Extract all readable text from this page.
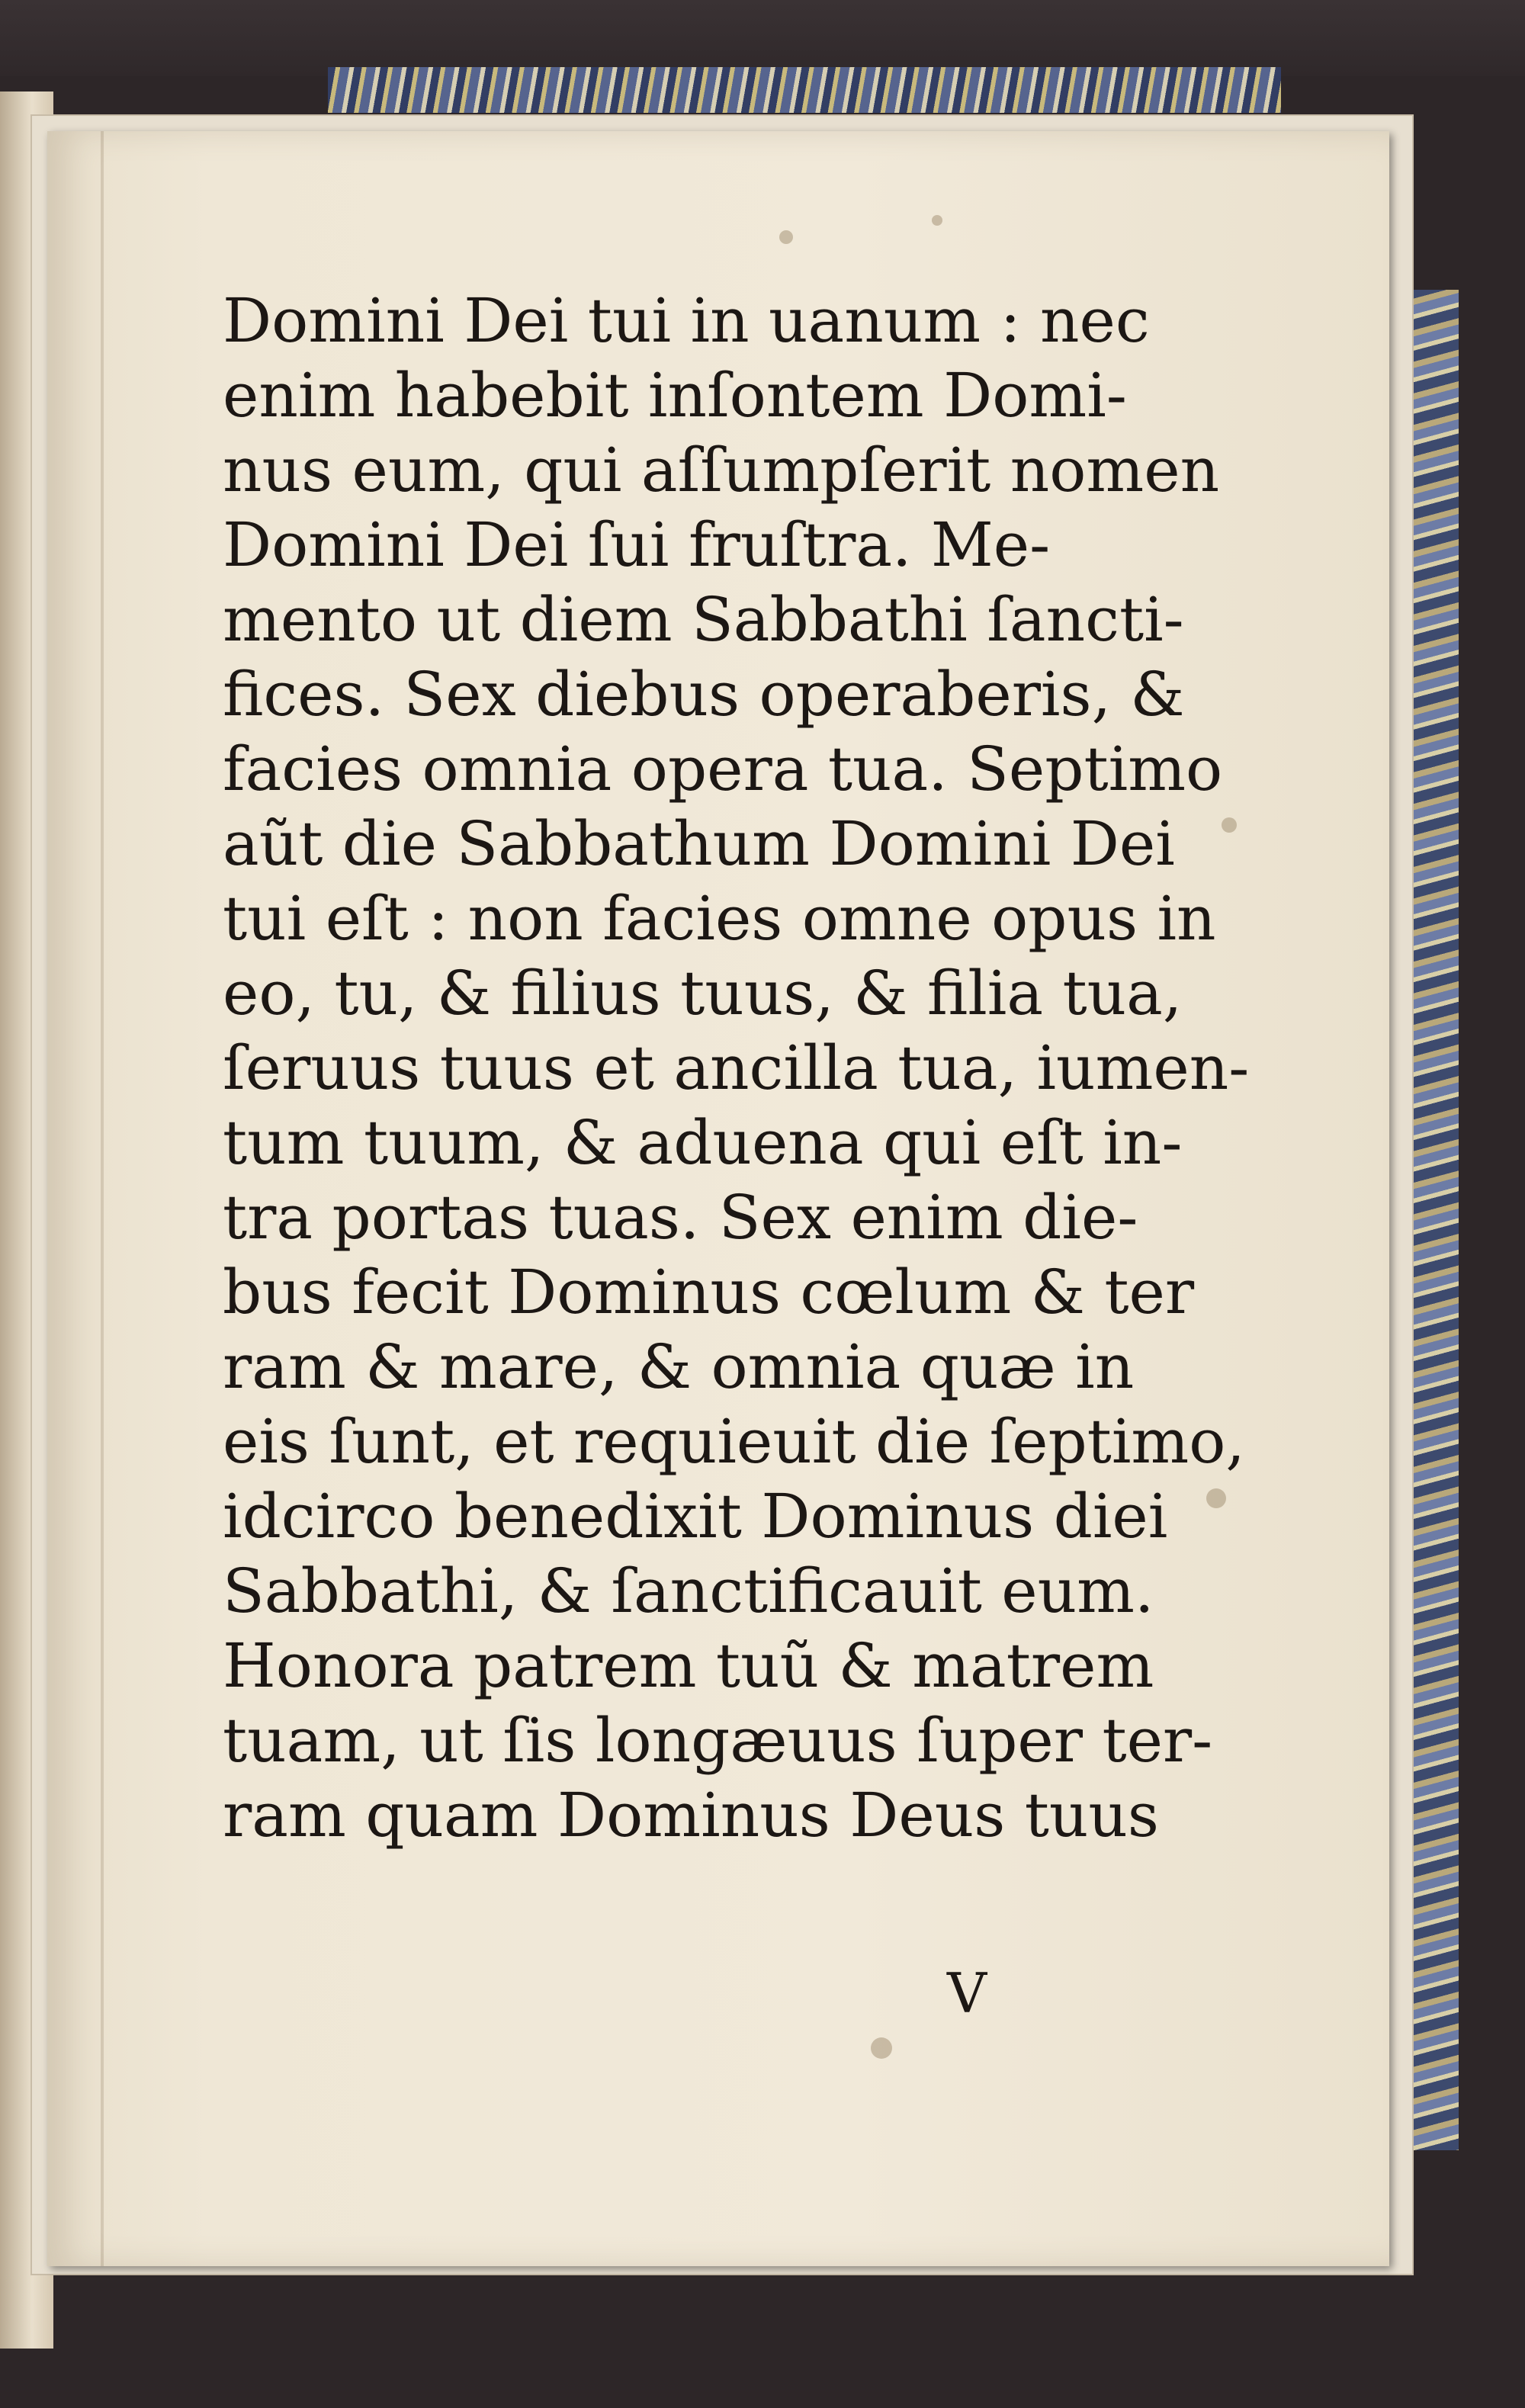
Domini Dei tui in uanum : nec
enim habebit inſontem Domi-
nus eum, qui aſſumpſerit nomen
Domini Dei ſui fruſtra. Me-
mento ut diem Sabbathi ſancti-
fices. Sex diebus operaberis, &
facies omnia opera tua. Septimo
aũt die Sabbathum Domini Dei
tui eſt : non facies omne opus in
eo, tu, & filius tuus, & filia tua,
ſeruus tuus et ancilla tua, iumen-
tum tuum, & aduena qui eſt in-
tra portas tuas. Sex enim die-
bus fecit Dominus cœlum & ter
ram & mare, & omnia quæ in
eis ſunt, et requieuit die ſeptimo,
idcirco benedixit Dominus diei
Sabbathi, & ſanctificauit eum.
Honora patrem tuũ & matrem
tuam, ut ſis longæuus ſuper ter-
ram quam Dominus Deus tuus
V
